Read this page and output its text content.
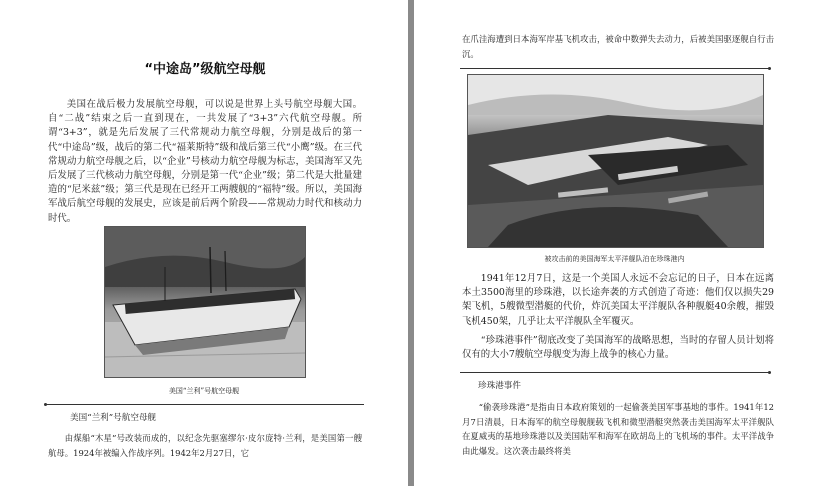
“中途岛”级航空母舰

美国在战后极力发展航空母舰，可以说是世界上头号航空母舰大国。自“二战”结束之后一直到现在，一共发展了“3+3”六代航空母舰。所谓“3+3”，就是先后发展了三代常规动力航空母舰，分别是战后的第一代“中途岛”级，战后的第二代“福莱斯特”级和战后第三代“小鹰”级。在三代常规动力航空母舰之后，以“企业”号核动力航空母舰为标志，美国海军又先后发展了三代核动力航空母舰，分别是第一代“企业”级；第二代是大批量建造的“尼米兹”级；第三代是现在已经开工两艘舰的“福特”级。所以，美国海军战后航空母舰的发展史，应该是前后两个阶段——常规动力时代和核动力时代。

美国“兰利”号航空母舰
美国“兰利”号航空母舰

由煤船“木星”号改装而成的，以纪念先驱塞缪尔·皮尔庞特·兰利，是美国第一艘航母。1924年被编入作战序列。1942年2月27日，它

在爪洼海遭到日本海军岸基飞机攻击，被命中数弹失去动力，后被美国驱逐舰自行击沉。

被攻击前的美国海军太平洋舰队泊在珍珠港内

1941年12月7日，这是一个美国人永远不会忘记的日子，日本在远离本土3500海里的珍珠港，以长途奔袭的方式创造了奇迹：他们仅以损失29架飞机，5艘微型潜艇的代价，炸沉美国太平洋舰队各种舰艇40余艘，摧毁飞机450架，几乎让太平洋舰队全军覆灭。

“珍珠港事件”彻底改变了美国海军的战略思想，当时的存留人员计划将仅有的大小7艘航空母舰变为海上战争的核心力量。

珍珠港事件

“偷袭珍珠港”是指由日本政府策划的一起偷袭美国军事基地的事件。1941年12月7日清晨，日本海军的航空母舰舰载飞机和微型潜艇突然袭击美国海军太平洋舰队在夏威夷的基地珍珠港以及美国陆军和海军在欧胡岛上的飞机场的事件。太平洋战争由此爆发。这次袭击最终将美
